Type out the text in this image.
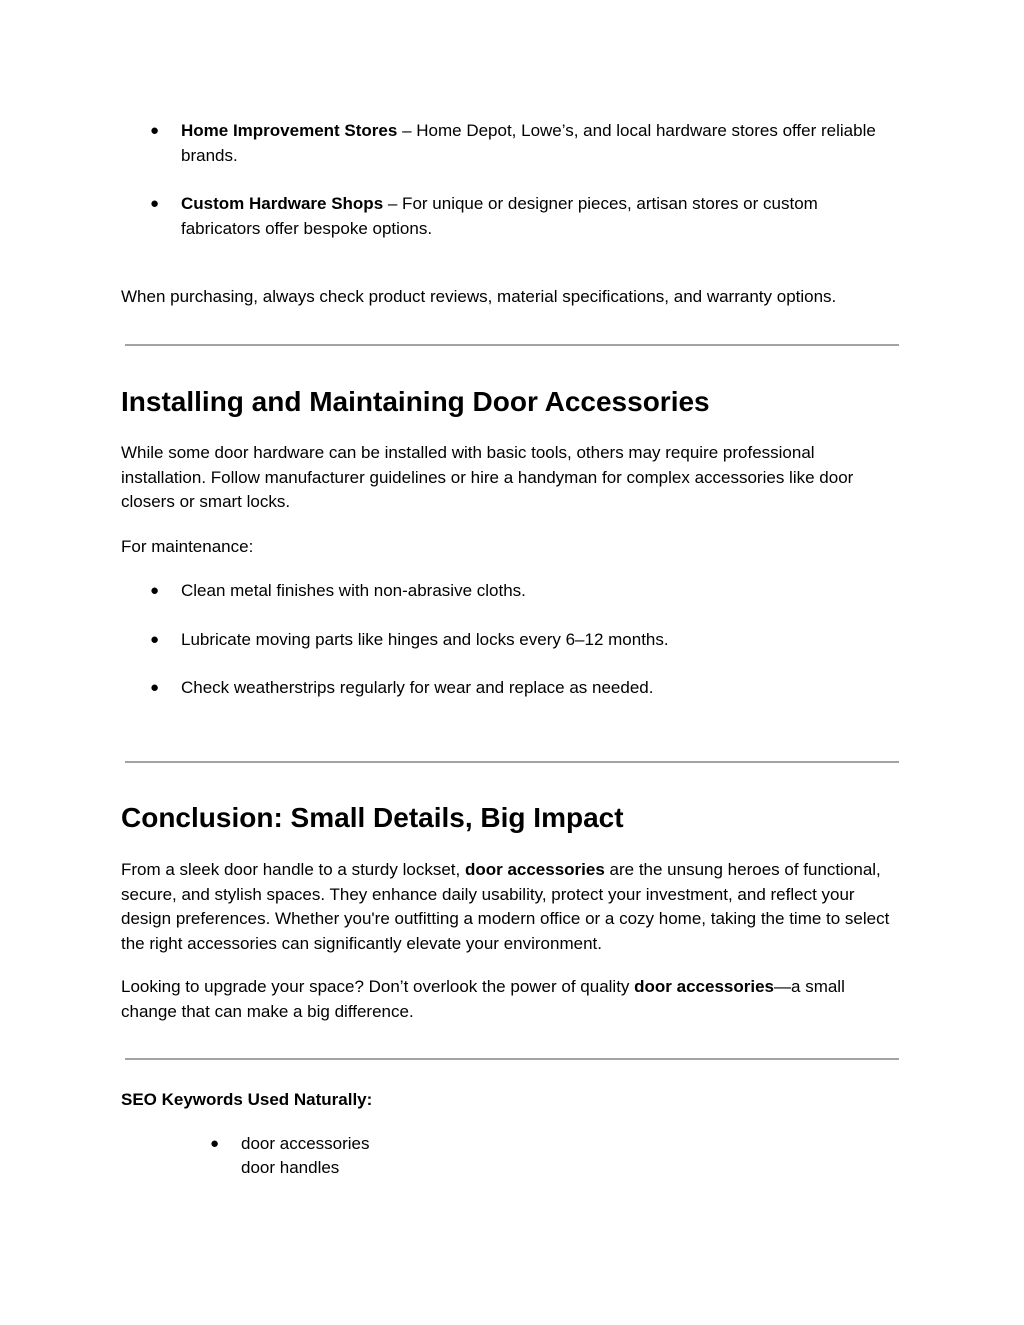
●	Home Improvement Stores – Home Depot, Lowe’s, and local hardware stores offer reliable brands.
●	Custom Hardware Shops – For unique or designer pieces, artisan stores or custom fabricators offer bespoke options.

When purchasing, always check product reviews, material specifications, and warranty options.

Installing and Maintaining Door Accessories

While some door hardware can be installed with basic tools, others may require professional installation. Follow manufacturer guidelines or hire a handyman for complex accessories like door closers or smart locks.

For maintenance:

●	Clean metal finishes with non-abrasive cloths.
●	Lubricate moving parts like hinges and locks every 6–12 months.
●	Check weatherstrips regularly for wear and replace as needed.
Conclusion: Small Details, Big Impact

From a sleek door handle to a sturdy lockset, door accessories are the unsung heroes of functional, secure, and stylish spaces. They enhance daily usability, protect your investment, and reflect your design preferences. Whether you're outfitting a modern office or a cozy home, taking the time to select the right accessories can significantly elevate your environment.

Looking to upgrade your space? Don’t overlook the power of quality door accessories—a small change that can make a big difference.

SEO Keywords Used Naturally:

● door accessories
door handles
